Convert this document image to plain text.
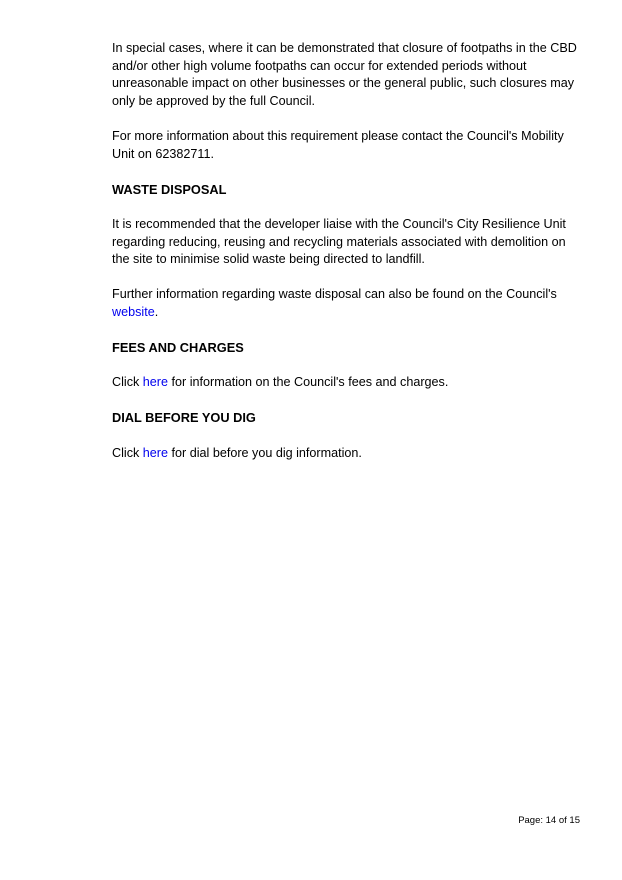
In special cases, where it can be demonstrated that closure of footpaths in the CBD and/or other high volume footpaths can occur for extended periods without unreasonable impact on other businesses or the general public, such closures may only be approved by the full Council.

For more information about this requirement please contact the Council's Mobility Unit on 62382711.

WASTE DISPOSAL

It is recommended that the developer liaise with the Council's City Resilience Unit regarding reducing, reusing and recycling materials associated with demolition on the site to minimise solid waste being directed to landfill.

Further information regarding waste disposal can also be found on the Council's website.

FEES AND CHARGES

Click here for information on the Council's fees and charges.

DIAL BEFORE YOU DIG

Click here for dial before you dig information.

Page: 14 of 15
